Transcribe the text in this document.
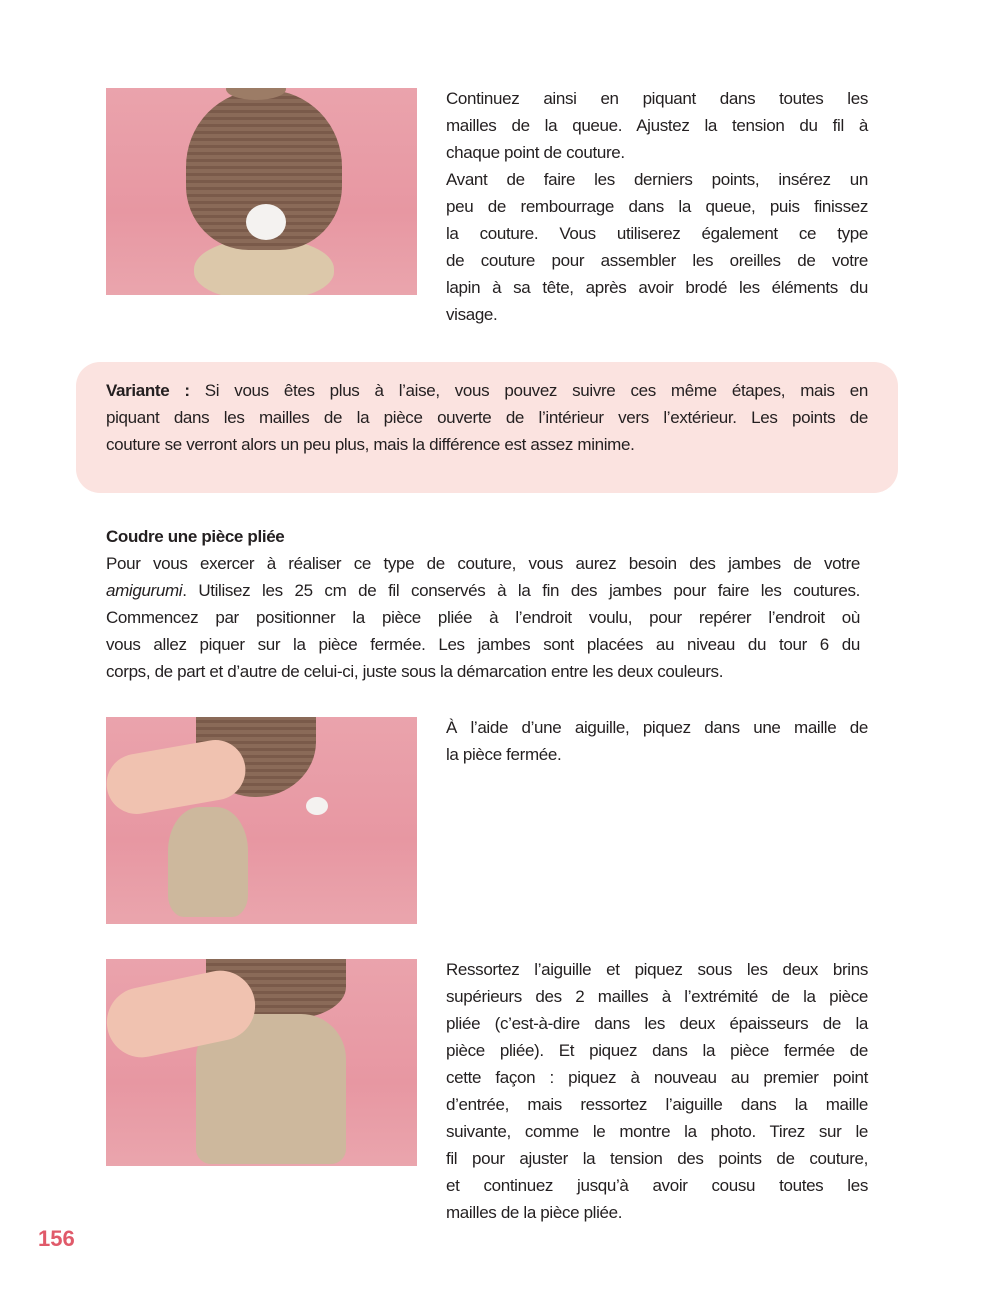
Continuez ainsi en piquant dans toutes les
mailles de la queue. Ajustez la tension du fil à
chaque point de couture.
Avant de faire les derniers points, insérez un
peu de rembourrage dans la queue, puis finissez
la couture. Vous utiliserez également ce type
de couture pour assembler les oreilles de votre
lapin à sa tête, après avoir brodé les éléments du
visage.
Variante : Si vous êtes plus à l’aise, vous pouvez suivre ces même étapes, mais en
piquant dans les mailles de la pièce ouverte de l’intérieur vers l’extérieur. Les points de
couture se verront alors un peu plus, mais la différence est assez minime.
Coudre une pièce pliée
Pour vous exercer à réaliser ce type de couture, vous aurez besoin des jambes de votre
amigurumi. Utilisez les 25 cm de fil conservés à la fin des jambes pour faire les coutures.
Commencez par positionner la pièce pliée à l’endroit voulu, pour repérer l’endroit où
vous allez piquer sur la pièce fermée. Les jambes sont placées au niveau du tour 6 du
corps, de part et d’autre de celui-ci, juste sous la démarcation entre les deux couleurs.
À l’aide d’une aiguille, piquez dans une maille de
la pièce fermée.
Ressortez l’aiguille et piquez sous les deux brins
supérieurs des 2 mailles à l’extrémité de la pièce
pliée (c’est-à-dire dans les deux épaisseurs de la
pièce pliée). Et piquez dans la pièce fermée de
cette façon : piquez à nouveau au premier point
d’entrée, mais ressortez l’aiguille dans la maille
suivante, comme le montre la photo. Tirez sur le
fil pour ajuster la tension des points de couture,
et continuez jusqu’à avoir cousu toutes les
mailles de la pièce pliée.
156
